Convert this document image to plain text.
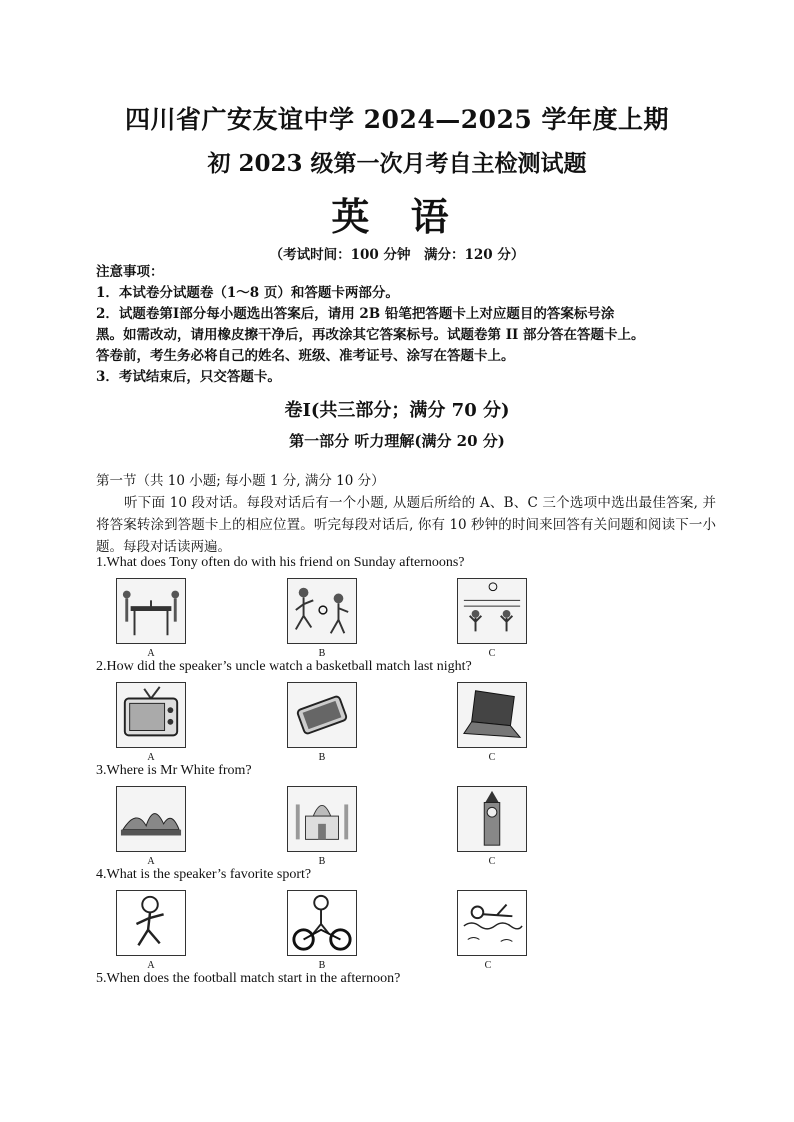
四川省广安友谊中学 2024—2025 学年度上期
初 2023 级第一次月考自主检测试题
英 语
（考试时间：100 分钟　满分：120 分）
注意事项：
1．本试卷分试题卷（1～8 页）和答题卡两部分。
2．试题卷第Ⅰ部分每小题选出答案后，请用 2B 铅笔把答题卡上对应题目的答案标号涂
黑。如需改动，请用橡皮擦干净后，再改涂其它答案标号。试题卷第 II 部分答在答题卡上。
答卷前，考生务必将自己的姓名、班级、准考证号、涂写在答题卡上。
3．考试结束后，只交答题卡。
卷Ⅰ(共三部分；满分 70 分)
第一部分 听力理解(满分 20 分)
第一节（共 10 小题; 每小题 1 分, 满分 10 分）
听下面 10 段对话。每段对话后有一个小题, 从题后所给的 A、B、C 三个选项中选出最佳答案, 并将答案转涂到答题卡上的相应位置。听完每段对话后, 你有 10 秒钟的时间来回答有关问题和阅读下一小题。每段对话读两遍。
1.What does Tony often do with his friend on Sunday afternoons?
A	B	C
2.How did the speaker’s uncle watch a basketball match last night?
A	B	C
3.Where is Mr White from?
A	B	C
4.What is the speaker’s favorite sport?
A	B	C
5.When does the football match start in the afternoon?
